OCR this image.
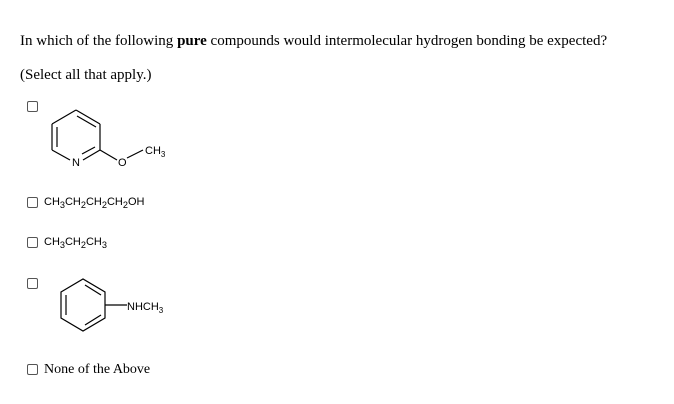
In which of the following pure compounds would intermolecular hydrogen bonding be expected?
(Select all that apply.)
N	O
$CH_3$
$CH_3CH_2CH_2CH_2OH$
$CH_3CH_2CH_3$
$NHCH_3$
None of the Above
